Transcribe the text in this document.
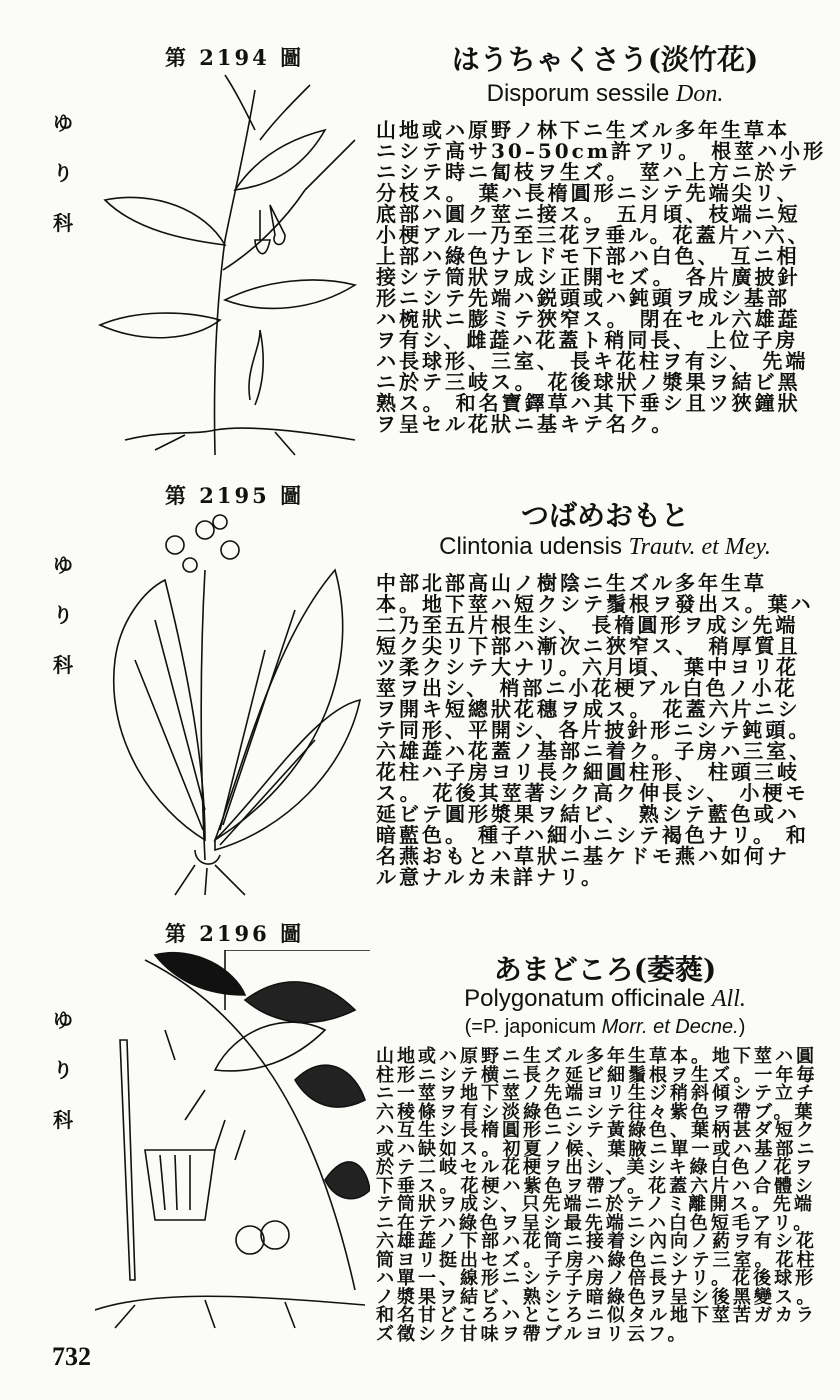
第 2194 圖
ゆり科
はうちゃくさう(淡竹花)
Disporum sessile Don.
山地或ハ原野ノ林下ニ生ズル多年生草本
ニシテ高サ30–50cm許アリ。 根莖ハ小形
ニシテ時ニ匐枝ヲ生ズ。 莖ハ上方ニ於テ
分枝ス。 葉ハ長楕圓形ニシテ先端尖リ、
底部ハ圓ク莖ニ接ス。 五月頃、枝端ニ短
小梗アル一乃至三花ヲ垂ル。花蓋片ハ六、
上部ハ綠色ナレドモ下部ハ白色、 互ニ相
接シテ筒狀ヲ成シ正開セズ。 各片廣披針
形ニシテ先端ハ鋭頭或ハ鈍頭ヲ成シ基部
ハ椀狀ニ膨ミテ狹窄ス。 閉在セル六雄蕋
ヲ有シ、雌蕋ハ花蓋ト稍同長、 上位子房
ハ長球形、三室、 長キ花柱ヲ有シ、 先端
ニ於テ三岐ス。 花後球狀ノ漿果ヲ結ビ黑
熟ス。 和名寶鐸草ハ其下垂シ且ツ狹鐘狀
ヲ呈セル花狀ニ基キテ名ク。
第 2195 圖
ゆり科
つばめおもと
Clintonia udensis Trautv. et Mey.
中部北部高山ノ樹陰ニ生ズル多年生草
本。地下莖ハ短クシテ鬚根ヲ發出ス。葉ハ
二乃至五片根生シ、 長楕圓形ヲ成シ先端
短ク尖リ下部ハ漸次ニ狹窄ス、 稍厚質且
ツ柔クシテ大ナリ。六月頃、 葉中ヨリ花
莖ヲ出シ、 梢部ニ小花梗アル白色ノ小花
ヲ開キ短總狀花穗ヲ成ス。 花蓋六片ニシ
テ同形、平開シ、各片披針形ニシテ鈍頭。
六雄蕋ハ花蓋ノ基部ニ着ク。子房ハ三室、
花柱ハ子房ヨリ長ク細圓柱形、 柱頭三岐
ス。 花後其莖著シク高ク伸長シ、 小梗モ
延ビテ圓形漿果ヲ結ビ、 熟シテ藍色或ハ
暗藍色。 種子ハ細小ニシテ褐色ナリ。 和
名燕おもとハ草狀ニ基ケドモ燕ハ如何ナ
ル意ナルカ未詳ナリ。
第 2196 圖
ゆり科
あまどころ(萎蕤)
Polygonatum officinale All.
(=P. japonicum Morr. et Decne.)
山地或ハ原野ニ生ズル多年生草本。地下莖ハ圓
柱形ニシテ横ニ長ク延ビ細鬚根ヲ生ズ。一年毎
ニ一莖ヲ地下莖ノ先端ヨリ生ジ稍斜傾シテ立チ
六稜條ヲ有シ淡綠色ニシテ往々紫色ヲ帶ブ。葉
ハ互生シ長楕圓形ニシテ黃綠色、葉柄甚ダ短ク
或ハ缺如ス。初夏ノ候、葉腋ニ單一或ハ基部ニ
於テ二岐セル花梗ヲ出シ、美シキ綠白色ノ花ヲ
下垂ス。花梗ハ紫色ヲ帶ブ。花蓋六片ハ合體シ
テ筒狀ヲ成シ、只先端ニ於テノミ離開ス。先端
ニ在テハ綠色ヲ呈シ最先端ニハ白色短毛アリ。
六雄蕋ノ下部ハ花筒ニ接着シ內向ノ葯ヲ有シ花
筒ヨリ挺出セズ。子房ハ綠色ニシテ三室。花柱
ハ單一、線形ニシテ子房ノ倍長ナリ。花後球形
ノ漿果ヲ結ビ、熟シテ暗綠色ヲ呈シ後黑變ス。
和名甘どころハところニ似タル地下莖苦ガカラ
ズ徵シク甘味ヲ帶ブルヨリ云フ。
732
